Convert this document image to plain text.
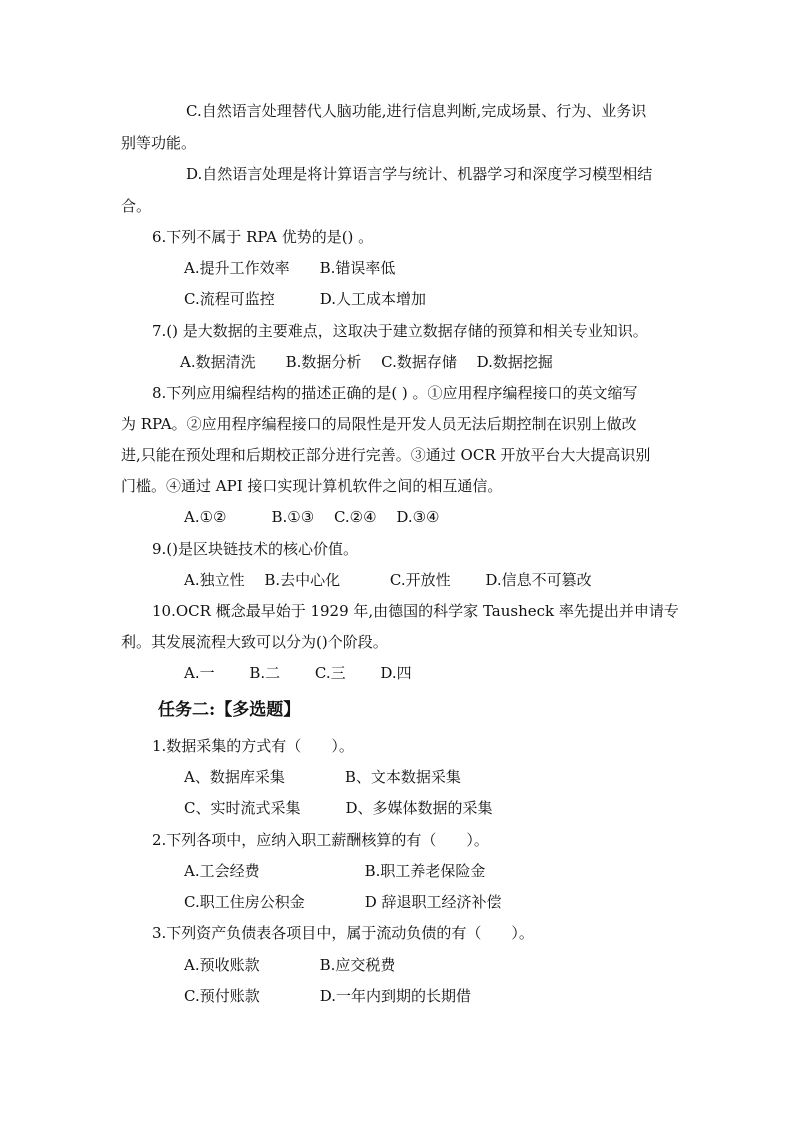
C.自然语言处理替代人脑功能,进行信息判断,完成场景、行为、业务识
别等功能。
D.自然语言处理是将计算语言学与统计、机器学习和深度学习模型相结
合。
6.下列不属于 RPA 优势的是() 。
A.提升工作效率　　B.错误率低
C.流程可监控　　　D.人工成本增加
7.() 是大数据的主要难点，这取决于建立数据存储的预算和相关专业知识。
A.数据清洗　　B.数据分析　 C.数据存储　 D.数据挖掘
8.下列应用编程结构的描述正确的是( ) 。①应用程序编程接口的英文缩写
为 RPA。②应用程序编程接口的局限性是开发人员无法后期控制在识别上做改
进,只能在预处理和后期校正部分进行完善。③通过 OCR 开放平台大大提高识别
门槛。④通过 API 接口实现计算机软件之间的相互通信。
A.①②　　　B.①③　 C.②④　 D.③④
9.()是区块链技术的核心价值。
A.独立性　 B.去中心化　　　 C.开放性　　 D.信息不可篡改
10.OCR 概念最早始于 1929 年,由德国的科学家 Tausheck 率先提出并申请专
利。其发展流程大致可以分为()个阶段。
A.一　　 B.二　　 C.三　　 D.四
任务二:【多选题】
1.数据采集的方式有（　　）。
A、数据库采集　　　　B、文本数据采集
C、实时流式采集　　　D、多媒体数据的采集
2.下列各项中，应纳入职工薪酬核算的有（　　）。
A.工会经费　　　　　　　B.职工养老保险金
C.职工住房公积金　　　　D 辞退职工经济补偿
3.下列资产负债表各项目中，属于流动负债的有（　　）。
A.预收账款　　　　B.应交税费
C.预付账款　　　　D.一年内到期的长期借
